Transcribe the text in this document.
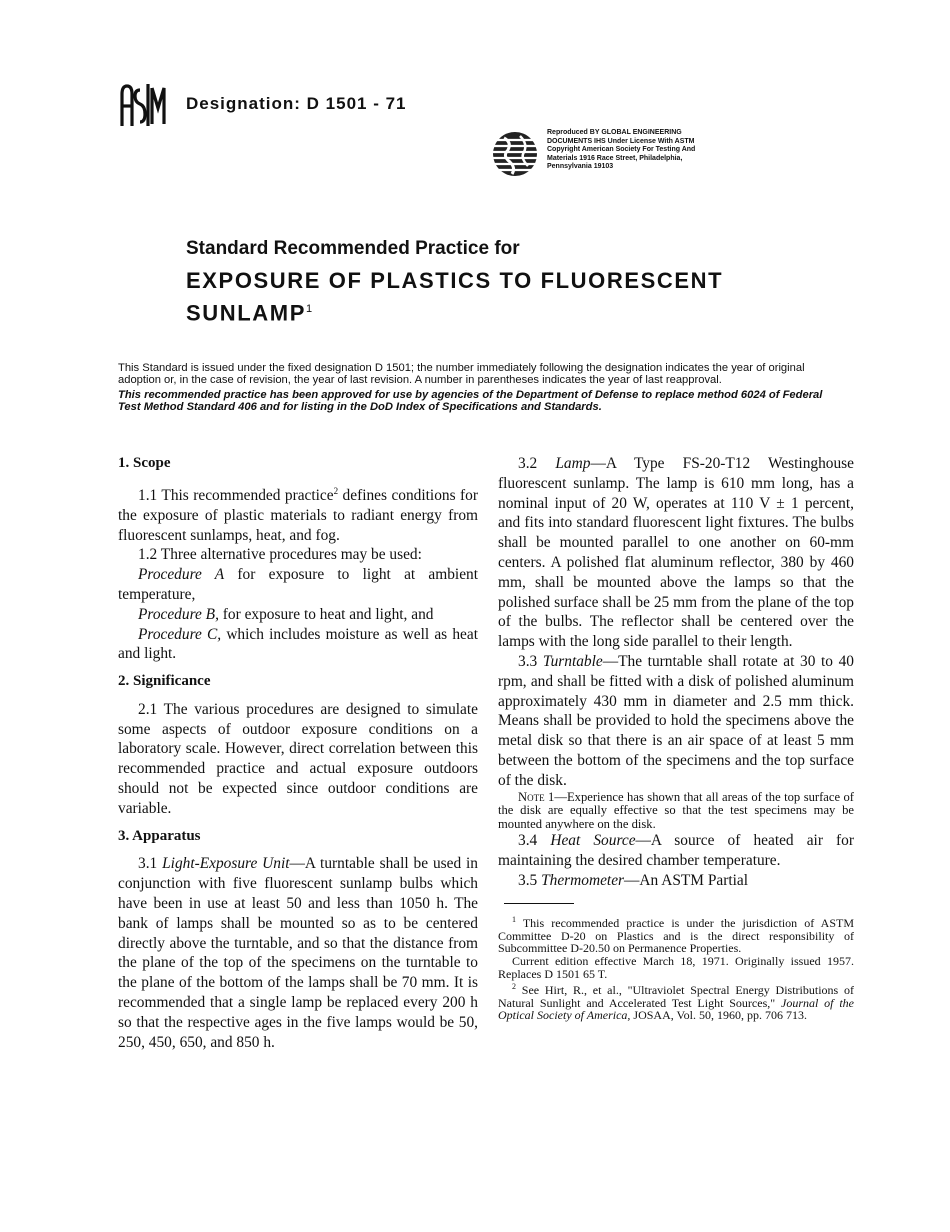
ASTM
Designation: D 1501 - 71
Reproduced BY GLOBAL ENGINEERING
DOCUMENTS IHS Under License With ASTM
Copyright American Society For Testing And
Materials 1916 Race Street, Philadelphia,
Pennsylvania 19103
Standard Recommended Practice for
EXPOSURE OF PLASTICS TO FLUORESCENT SUNLAMP$^1$

This Standard is issued under the fixed designation D 1501; the number immediately following the designation indicates the year of original adoption or, in the case of revision, the year of last revision. A number in parentheses indicates the year of last reapproval.

This recommended practice has been approved for use by agencies of the Department of Defense to replace method 6024 of Federal Test Method Standard 406 and for listing in the DoD Index of Specifications and Standards.

1. Scope

1.1 This recommended practice$^2$ defines conditions for the exposure of plastic materials to radiant energy from fluorescent sunlamps, heat, and fog.

1.2 Three alternative procedures may be used:

Procedure A for exposure to light at ambient temperature,

Procedure B, for exposure to heat and light, and

Procedure C, which includes moisture as well as heat and light.

2. Significance

2.1 The various procedures are designed to simulate some aspects of outdoor exposure conditions on a laboratory scale. However, direct correlation between this recommended practice and actual exposure outdoors should not be expected since outdoor conditions are variable.

3. Apparatus

3.1 Light-Exposure Unit—A turntable shall be used in conjunction with five fluorescent sunlamp bulbs which have been in use at least 50 and less than 1050 h. The bank of lamps shall be mounted so as to be centered directly above the turntable, and so that the distance from the plane of the top of the specimens on the turntable to the plane of the bottom of the lamps shall be 70 mm. It is recommended that a single lamp be replaced every 200 h so that the respective ages in the five lamps would be 50, 250, 450, 650, and 850 h.

3.2 Lamp—A Type FS-20-T12 Westinghouse fluorescent sunlamp. The lamp is 610 mm long, has a nominal input of 20 W, operates at 110 V ± 1 percent, and fits into standard fluorescent light fixtures. The bulbs shall be mounted parallel to one another on 60-mm centers. A polished flat aluminum reflector, 380 by 460 mm, shall be mounted above the lamps so that the polished surface shall be 25 mm from the plane of the top of the bulbs. The reflector shall be centered over the lamps with the long side parallel to their length.

3.3 Turntable—The turntable shall rotate at 30 to 40 rpm, and shall be fitted with a disk of polished aluminum approximately 430 mm in diameter and 2.5 mm thick. Means shall be provided to hold the specimens above the metal disk so that there is an air space of at least 5 mm between the bottom of the specimens and the top surface of the disk.

Note 1—Experience has shown that all areas of the top surface of the disk are equally effective so that the test specimens may be mounted anywhere on the disk.

3.4 Heat Source—A source of heated air for maintaining the desired chamber temperature.

3.5 Thermometer—An ASTM Partial

$^1$ This recommended practice is under the jurisdiction of ASTM Committee D-20 on Plastics and is the direct responsibility of Subcommittee D-20.50 on Permanence Properties.

Current edition effective March 18, 1971. Originally issued 1957. Replaces D 1501 65 T.

$^2$ See Hirt, R., et al., "Ultraviolet Spectral Energy Distributions of Natural Sunlight and Accelerated Test Light Sources," Journal of the Optical Society of America, JOSAA, Vol. 50, 1960, pp. 706 713.
